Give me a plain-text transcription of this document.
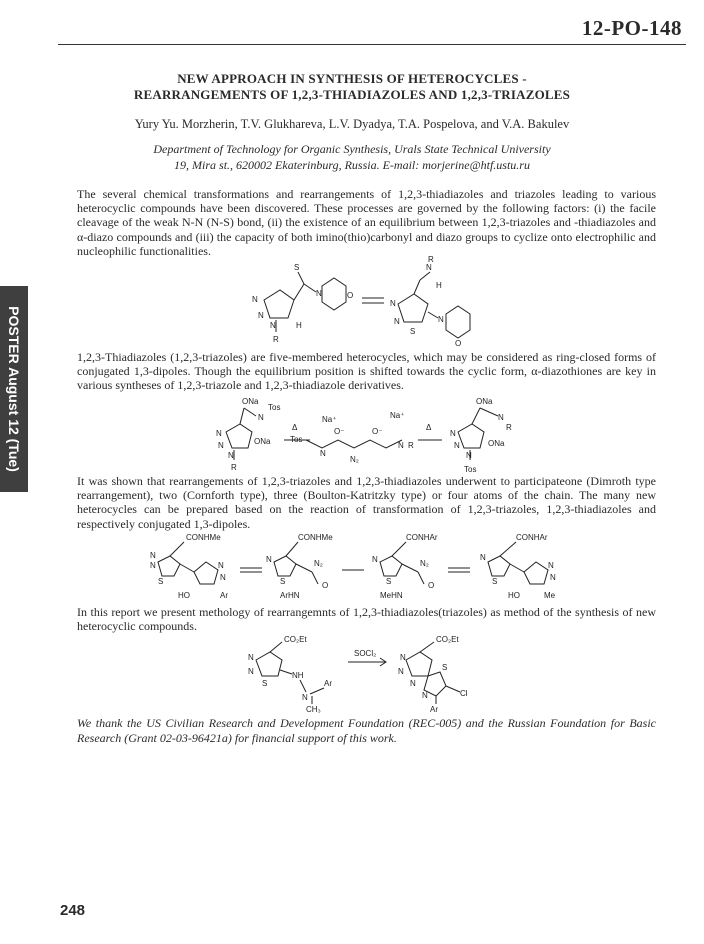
12-PO-148
POSTER August 12 (Tue)
NEW APPROACH IN SYNTHESIS OF HETEROCYCLES -
REARRANGEMENTS OF 1,2,3-THIADIAZOLES AND 1,2,3-TRIAZOLES
Yury Yu. Morzherin, T.V. Glukhareva, L.V. Dyadya, T.A. Pospelova, and V.A. Bakulev
Department of Technology for Organic Synthesis, Urals State Technical University
19, Mira st., 620002 Ekaterinburg, Russia. E-mail: morjerine@htf.ustu.ru
The several chemical transformations and rearrangements of 1,2,3-thiadiazoles and triazoles leading to various heterocyclic compounds have been discovered. These processes are governed by the following factors: (i) the facile cleavage of the weak N-N (N-S) bond, (ii) the existence of an equilibrium between 1,2,3-triazoles and -thiadiazoles and α-diazo compounds and (iii) the capacity of both imino(thio)carbonyl and diazo groups to cyclize onto electrophilic and nucleophilic functionalities.
S
N	O
N
N
N	H
R
N
N
S
N
R
H
N
O
1,2,3-Thiadiazoles (1,2,3-triazoles) are five-membered heterocycles, which may be considered as ring-closed forms of conjugated 1,3-dipoles. Though the equilibrium position is shifted towards the cyclic form, α-diazothiones are key in various syntheses of 1,2,3-triazole and 1,2,3-thiadiazole derivatives.
ONa
Tos
N
N
N
N
ONa
R
Δ
Na⁺
O⁻	O⁻
Na⁺
Tos
N
N R
N₂
Δ
ONa
N
R
N
N
N
ONa
Tos
It was shown that rearrangements of 1,2,3-triazoles and 1,2,3-thiadiazoles underwent to participateone (Dimroth type rearrangement), two (Cornforth type), three (Boulton-Katritzky type) or four atoms of the chain. The many new heterocycles can be prepared based on the reaction of transformation of 1,2,3-triazoles, 1,2,3-thiadiazoles and respectively conjugated 1,3-dipoles.
CONHMe
N
N
S
N
N
HO	Ar
CONHMe
N
S
N₂
O
ArHN
CONHAr
N
S
N₂
O
MeHN
CONHAr
N
S
N
N
HO	Me
In this report we present methology of rearrangemnts of 1,2,3-thiadiazoles(triazoles) as method of the synthesis of new heterocyclic compounds.
CO₂Et
N
N
S
NH
N
Ar
CH₃
SOCl₂
CO₂Et
N
N
N
S
N	Cl
Ar
We thank the US Civilian Research and Development Foundation (REC-005) and the Russian Foundation for Basic Research (Grant 02-03-96421a) for financial support of this work.
248
